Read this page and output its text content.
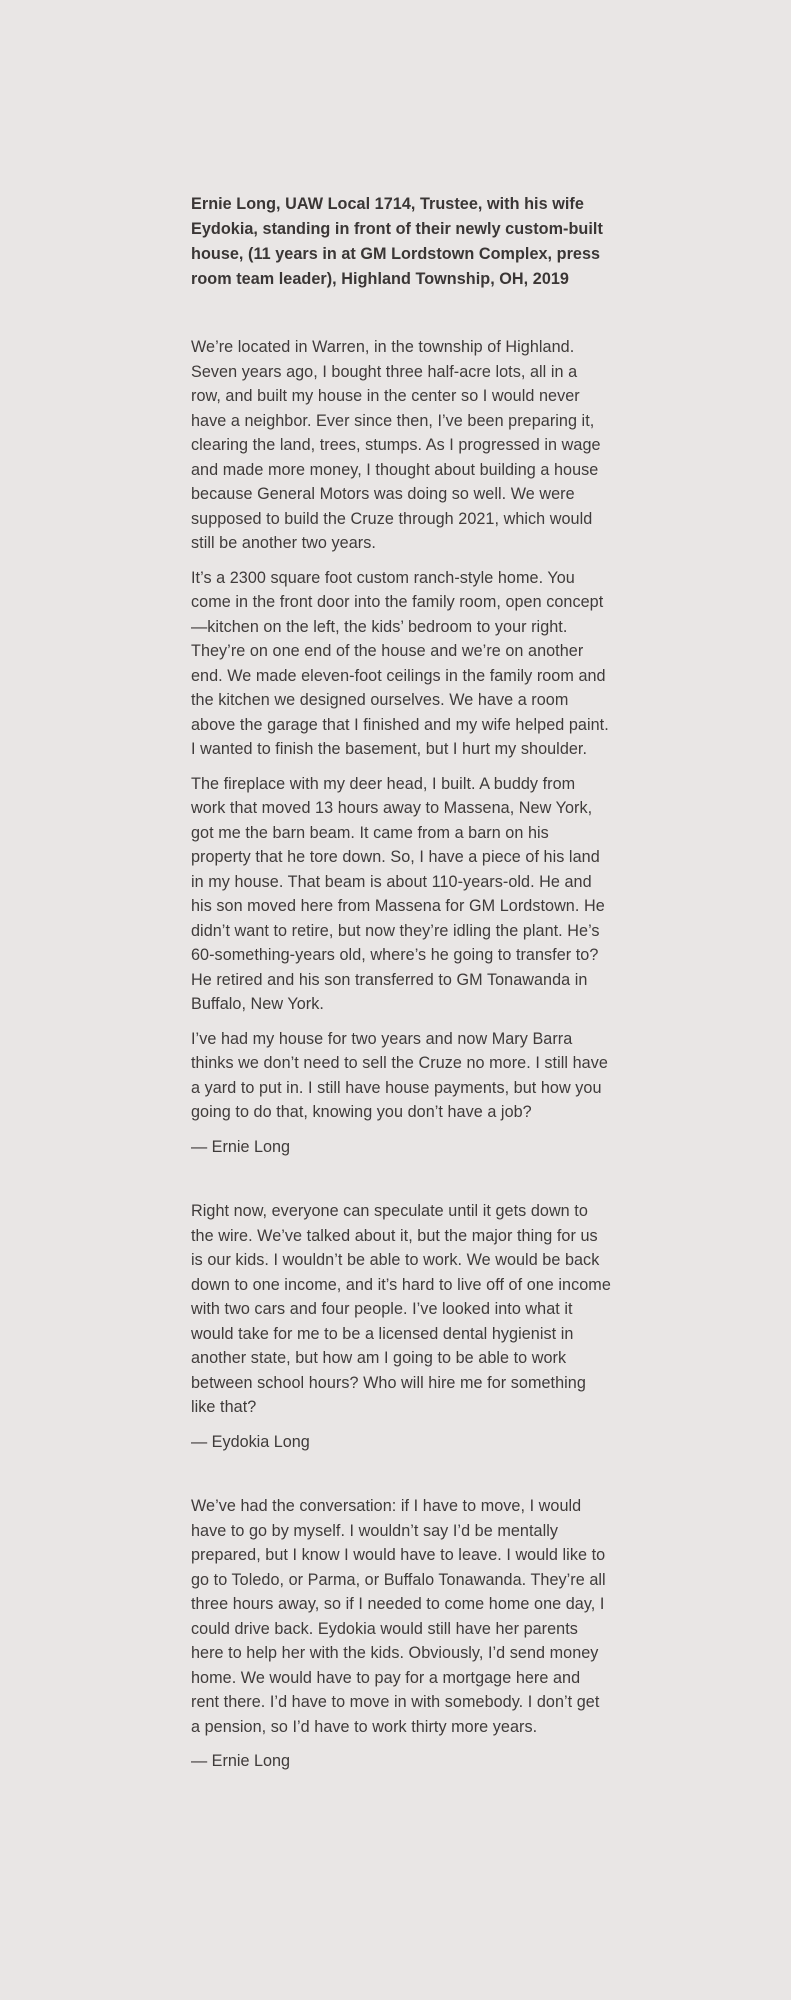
Ernie Long, UAW Local 1714, Trustee, with his wife Eydokia, standing in front of their newly custom-built house, (11 years in at GM Lordstown Complex, press room team leader), Highland Township, OH, 2019

We’re located in Warren, in the township of Highland. Seven years ago, I bought three half-acre lots, all in a row, and built my house in the center so I would never have a neighbor. Ever since then, I’ve been preparing it, clearing the land, trees, stumps. As I progressed in wage and made more money, I thought about building a house because General Motors was doing so well. We were supposed to build the Cruze through 2021, which would still be another two years.

It’s a 2300 square foot custom ranch-style home. You come in the front door into the family room, open concept—kitchen on the left, the kids’ bedroom to your right. They’re on one end of the house and we’re on another end. We made eleven-foot ceilings in the family room and the kitchen we designed ourselves. We have a room above the garage that I finished and my wife helped paint. I wanted to finish the basement, but I hurt my shoulder.

The fireplace with my deer head, I built. A buddy from work that moved 13 hours away to Massena, New York, got me the barn beam. It came from a barn on his property that he tore down. So, I have a piece of his land in my house. That beam is about 110-years-old. He and his son moved here from Massena for GM Lordstown. He didn’t want to retire, but now they’re idling the plant. He’s 60-something-years old, where’s he going to transfer to? He retired and his son transferred to GM Tonawanda in Buffalo, New York.

I’ve had my house for two years and now Mary Barra thinks we don’t need to sell the Cruze no more. I still have a yard to put in. I still have house payments, but how you going to do that, knowing you don’t have a job?

— Ernie Long

Right now, everyone can speculate until it gets down to the wire. We’ve talked about it, but the major thing for us is our kids. I wouldn’t be able to work. We would be back down to one income, and it’s hard to live off of one income with two cars and four people. I’ve looked into what it would take for me to be a licensed dental hygienist in another state, but how am I going to be able to work between school hours? Who will hire me for something like that?

— Eydokia Long

We’ve had the conversation: if I have to move, I would have to go by myself. I wouldn’t say I’d be mentally prepared, but I know I would have to leave. I would like to go to Toledo, or Parma, or Buffalo Tonawanda. They’re all three hours away, so if I needed to come home one day, I could drive back. Eydokia would still have her parents here to help her with the kids. Obviously, I’d send money home. We would have to pay for a mortgage here and rent there. I’d have to move in with somebody. I don’t get a pension, so I’d have to work thirty more years.

— Ernie Long
